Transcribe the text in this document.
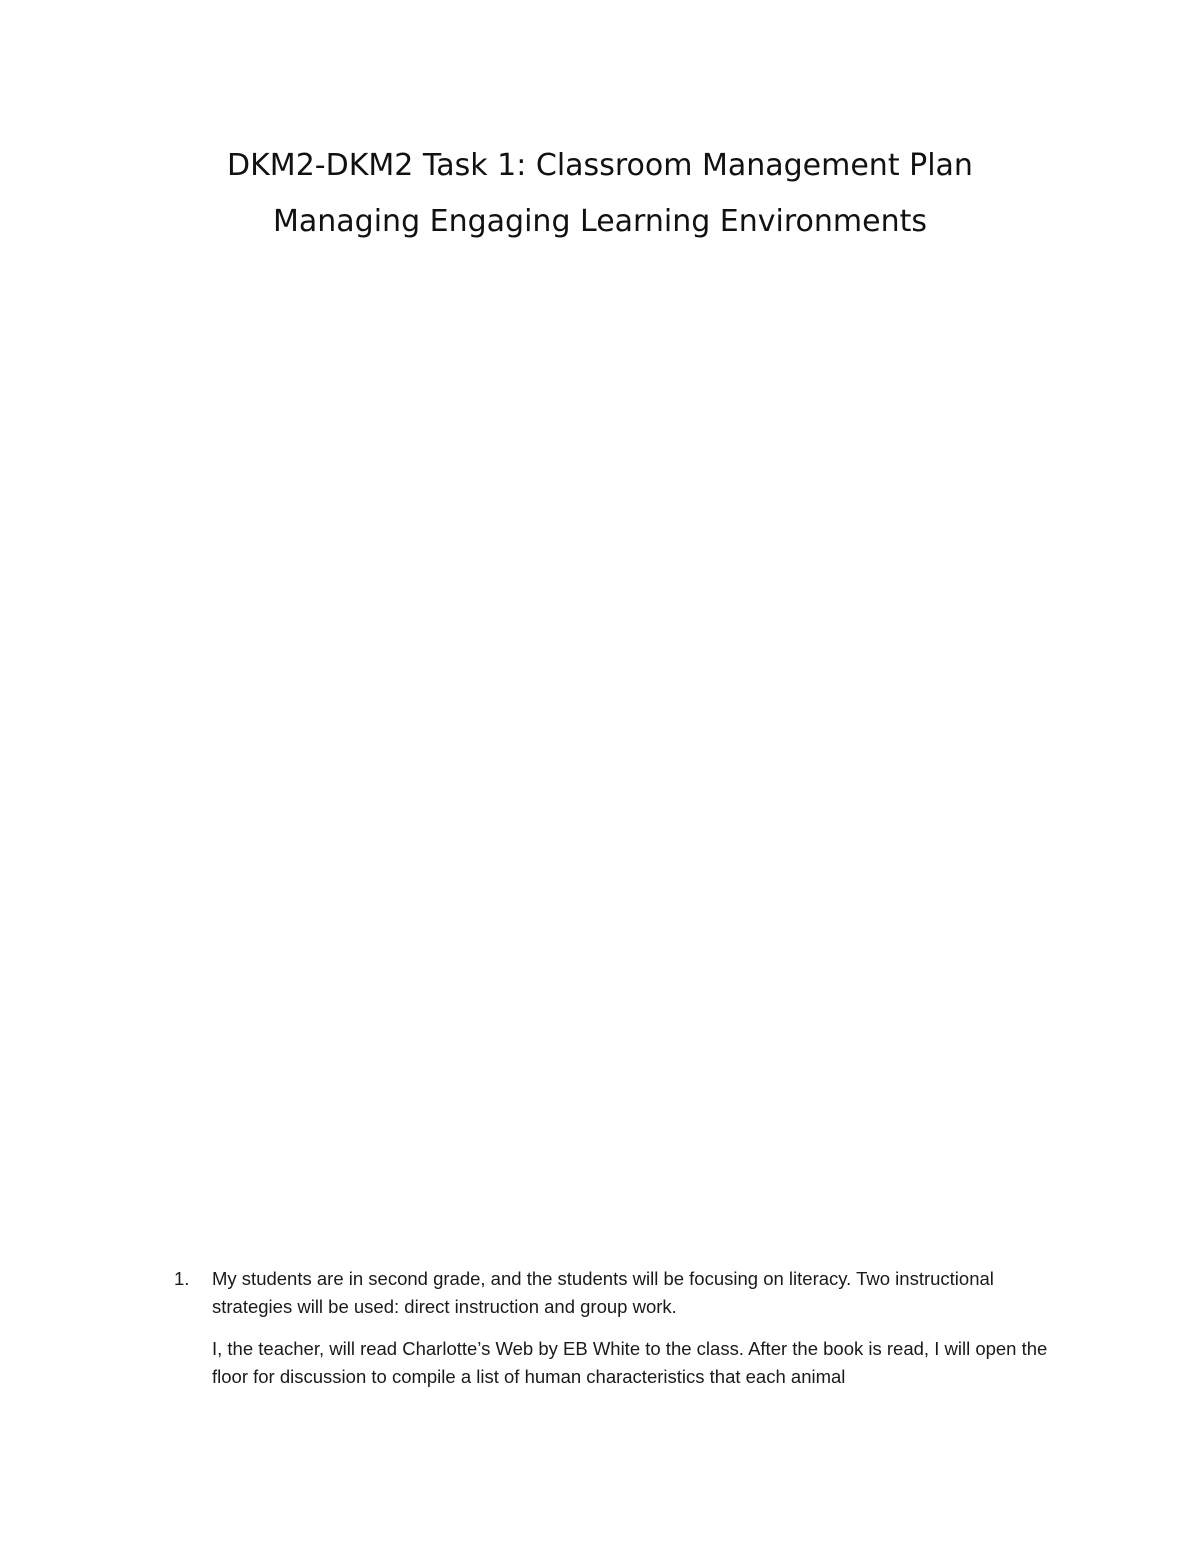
DKM2-DKM2 Task 1: Classroom Management Plan
Managing Engaging Learning Environments
1. My students are in second grade, and the students will be focusing on literacy. Two instructional strategies will be used: direct instruction and group work.

I, the teacher, will read Charlotte’s Web by EB White to the class. After the book is read, I will open the floor for discussion to compile a list of human characteristics that each animal
